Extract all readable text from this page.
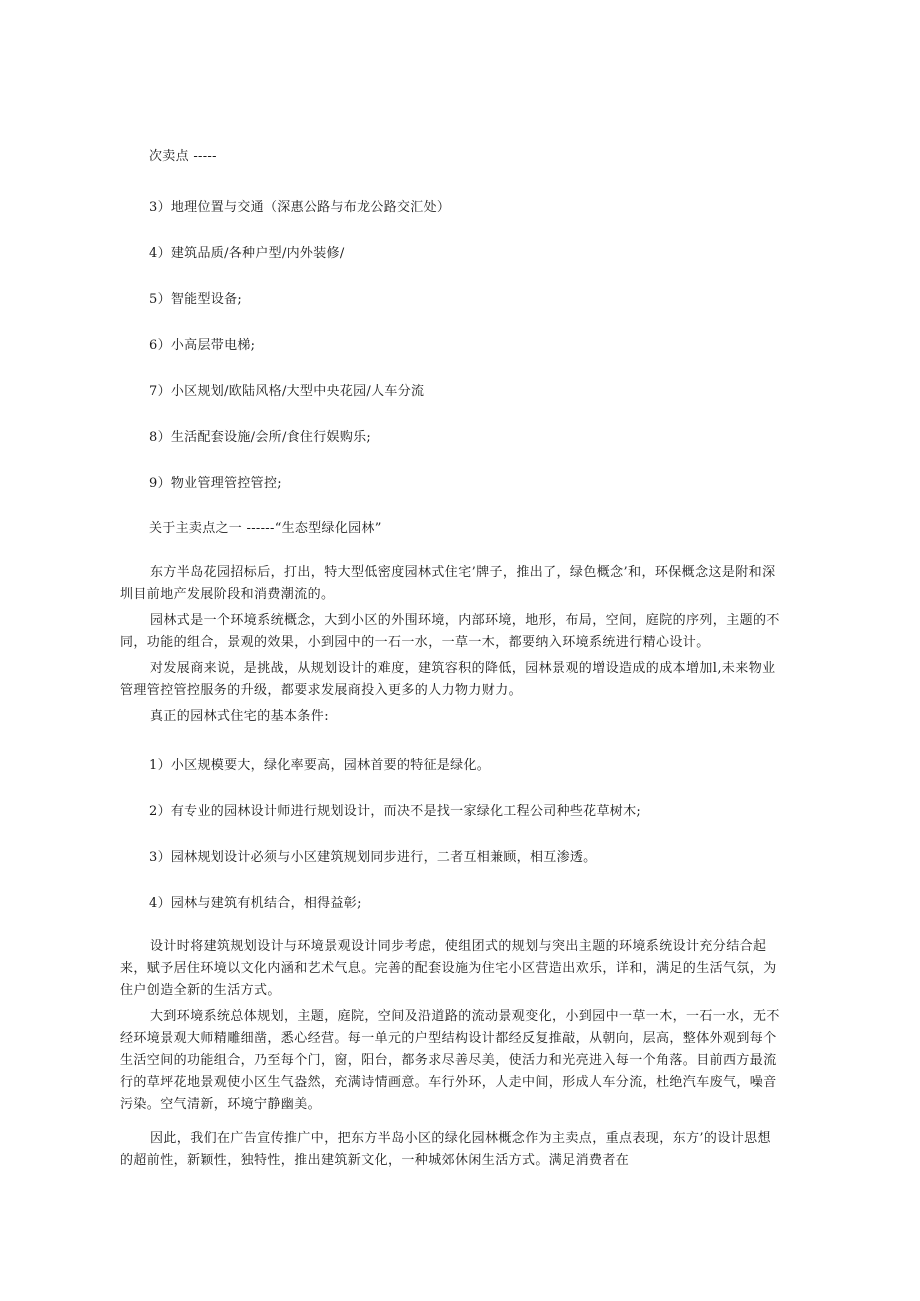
次卖点 -----
3）地理位置与交通（深惠公路与布龙公路交汇处）
4）建筑品质/各种户型/内外装修/
5）智能型设备;
6）小高层带电梯;
7）小区规划/欧陆风格/大型中央花园/人车分流
8）生活配套设施/会所/食住行娱购乐;
9）物业管理管控管控;
关于主卖点之一 ------“生态型绿化园林”
东方半岛花园招标后，打出，特大型低密度园林式住宅’牌子，推出了，绿色概念’和，环保概念这是附和深圳目前地产发展阶段和消费潮流的。
园林式是一个环境系统概念，大到小区的外围环境，内部环境，地形，布局，空间，庭院的序列，主题的不同，功能的组合，景观的效果，小到园中的一石一水，一草一木，都要纳入环境系统进行精心设计。
对发展商来说，是挑战，从规划设计的难度，建筑容积的降低，园林景观的增设造成的成本增加l,未来物业管理管控管控服务的升级，都要求发展商投入更多的人力物力财力。
真正的园林式住宅的基本条件:
1）小区规模要大，绿化率要高，园林首要的特征是绿化。
2）有专业的园林设计师进行规划设计，而决不是找一家绿化工程公司种些花草树木;
3）园林规划设计必须与小区建筑规划同步进行，二者互相兼顾，相互渗透。
4）园林与建筑有机结合，相得益彰;
设计时将建筑规划设计与环境景观设计同步考虑，使组团式的规划与突出主题的环境系统设计充分结合起来，赋予居住环境以文化内涵和艺术气息。完善的配套设施为住宅小区营造出欢乐，详和，满足的生活气氛，为住户创造全新的生活方式。
大到环境系统总体规划，主题，庭院，空间及沿道路的流动景观变化，小到园中一草一木，一石一水，无不经环境景观大师精雕细凿，悉心经营。每一单元的户型结构设计都经反复推敲，从朝向，层高，整体外观到每个生活空间的功能组合，乃至每个门，窗，阳台，都务求尽善尽美，使活力和光亮进入每一个角落。目前西方最流行的草坪花地景观使小区生气盎然，充满诗情画意。车行外环，人走中间，形成人车分流，杜绝汽车废气，噪音污染。空气清新，环境宁静幽美。
因此，我们在广告宣传推广中，把东方半岛小区的绿化园林概念作为主卖点，重点表现，东方’的设计思想的超前性，新颖性，独特性，推出建筑新文化，一种城郊休闲生活方式。满足消费者在
